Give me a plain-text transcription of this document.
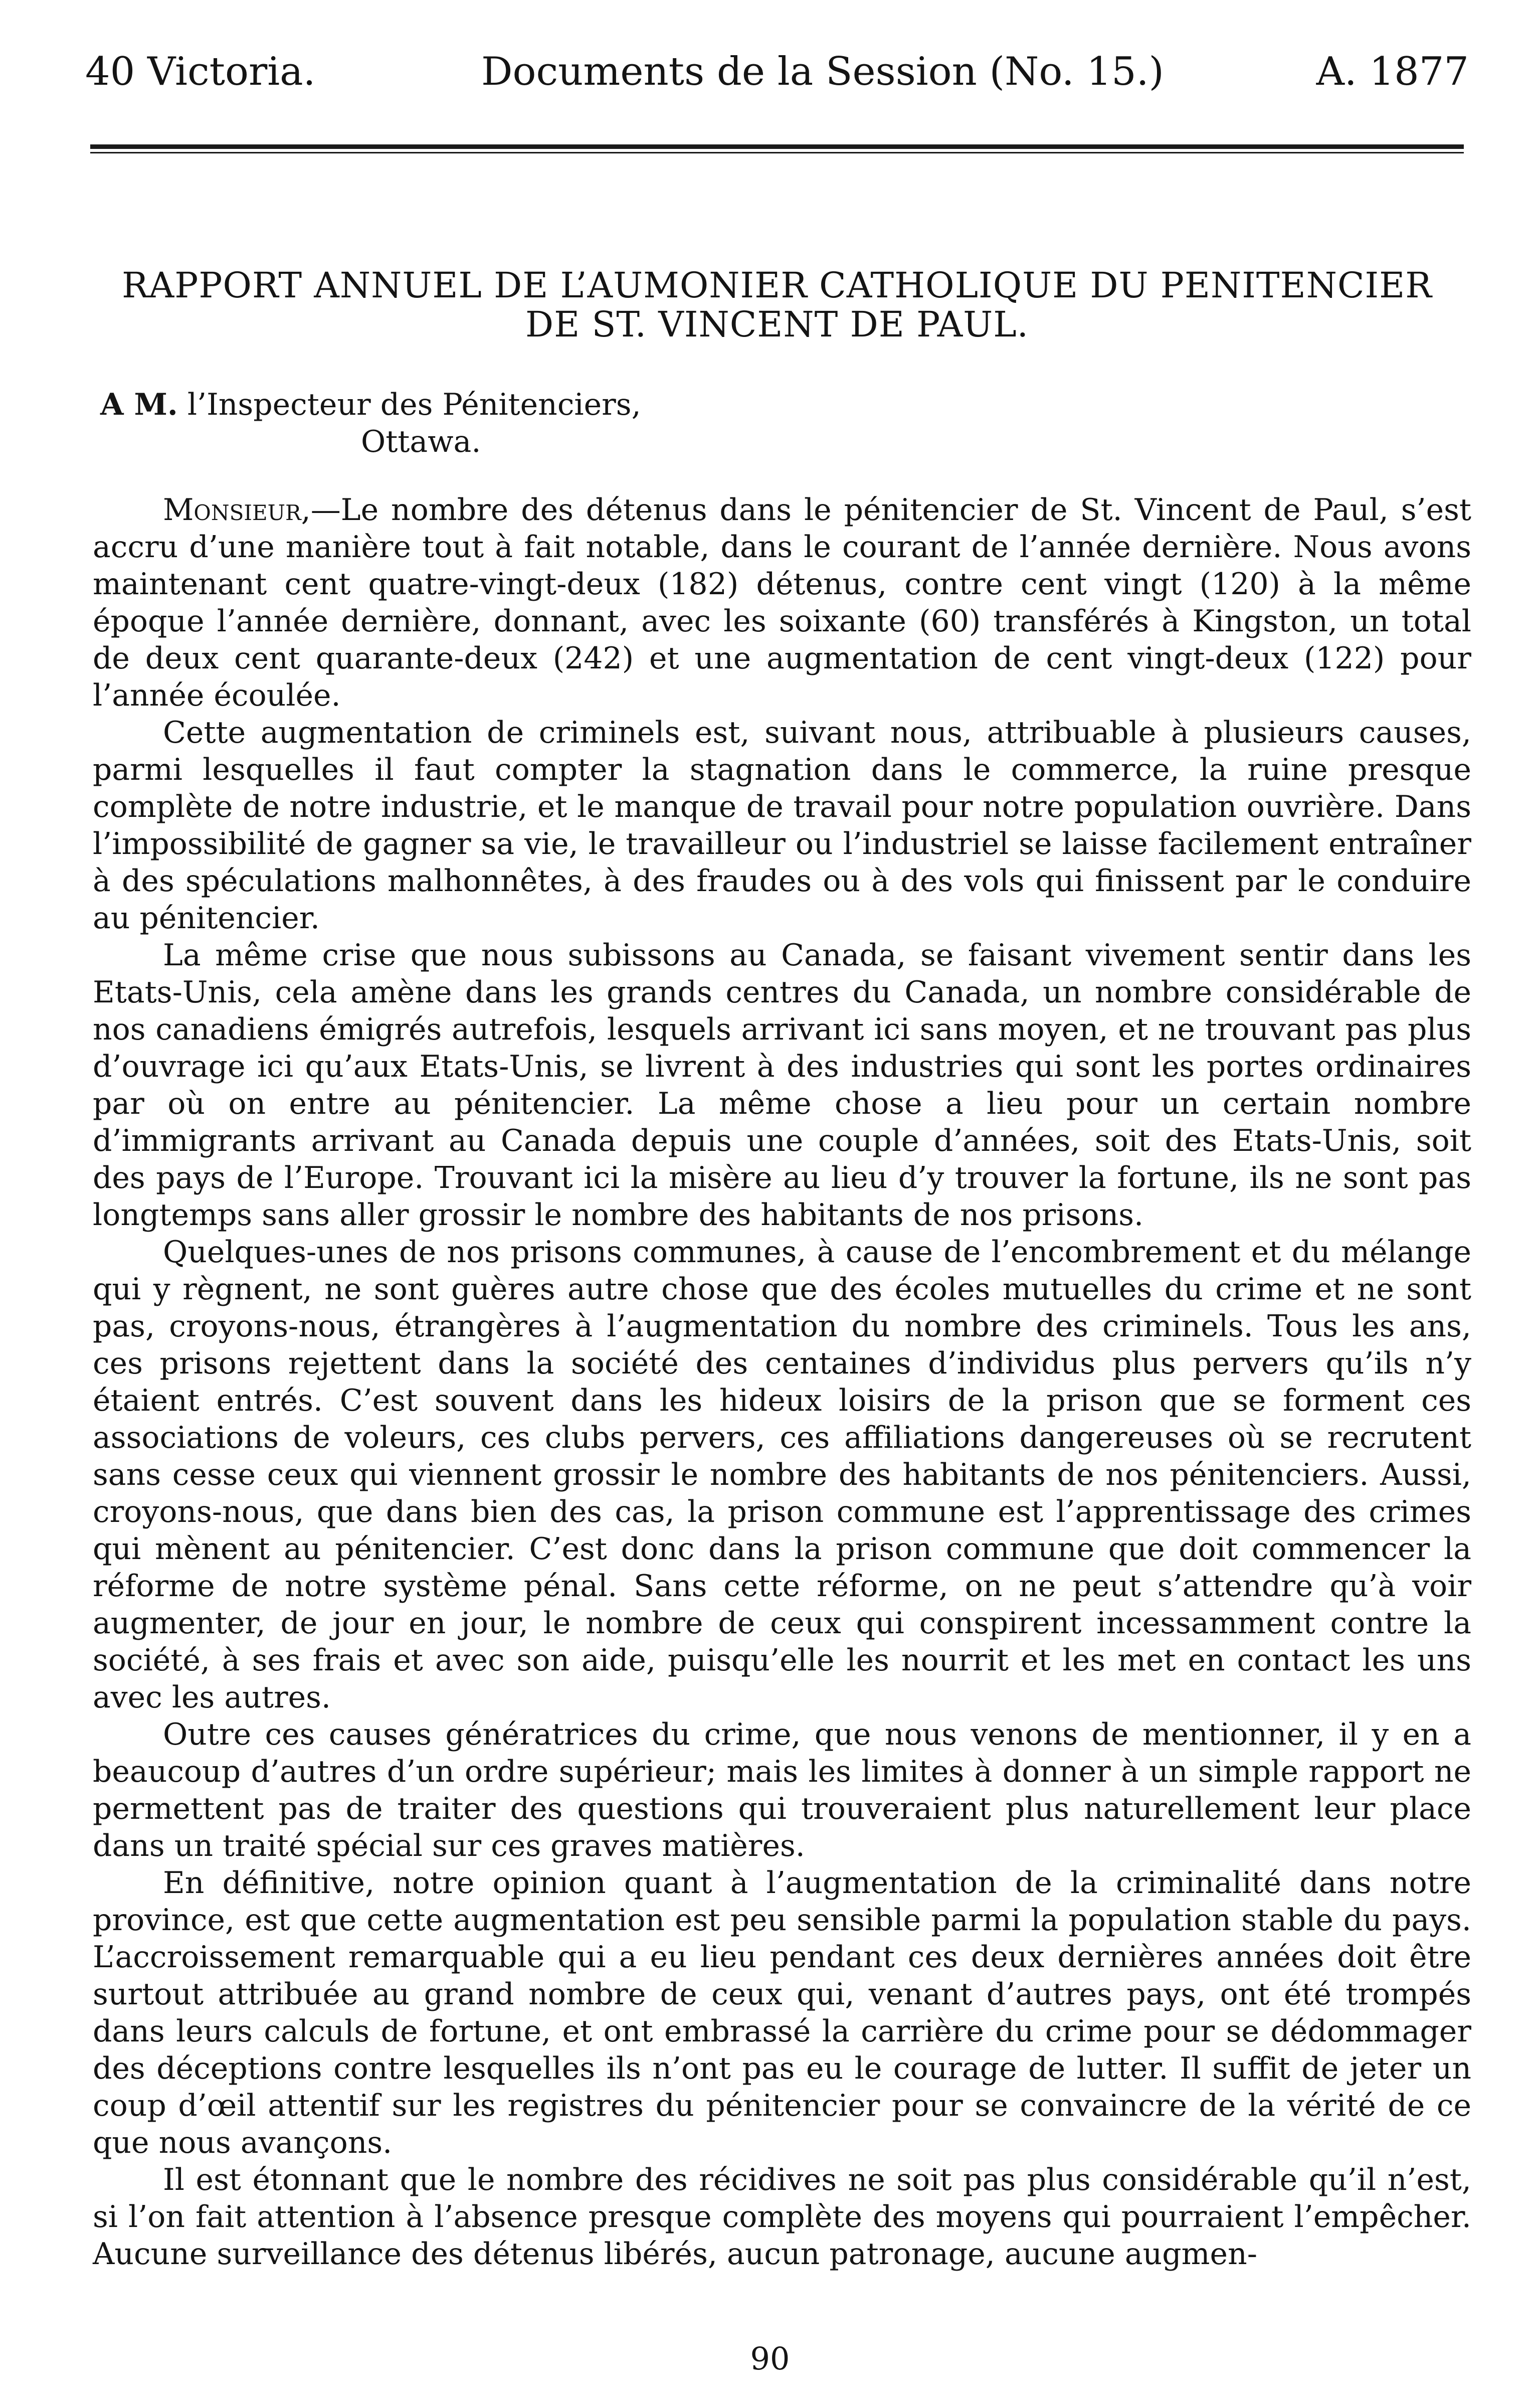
40 Victoria.	Documents de la Session (No. 15.)	A. 1877
RAPPORT ANNUEL DE L’AUMONIER CATHOLIQUE DU PENITENCIER
DE ST. VINCENT DE PAUL.
A M. l’Inspecteur des Pénitenciers,
Ottawa.

Monsieur,—Le nombre des détenus dans le pénitencier de St. Vincent de Paul, s’est accru d’une manière tout à fait notable, dans le courant de l’année dernière. Nous avons maintenant cent quatre-vingt-deux (182) détenus, contre cent vingt (120) à la même époque l’année dernière, donnant, avec les soixante (60) transférés à Kingston, un total de deux cent quarante-deux (242) et une augmentation de cent vingt-deux (122) pour l’année écoulée.

Cette augmentation de criminels est, suivant nous, attribuable à plusieurs causes, parmi lesquelles il faut compter la stagnation dans le commerce, la ruine presque complète de notre industrie, et le manque de travail pour notre population ouvrière. Dans l’impossibilité de gagner sa vie, le travailleur ou l’industriel se laisse facilement entraîner à des spéculations malhonnêtes, à des fraudes ou à des vols qui finissent par le conduire au pénitencier.

La même crise que nous subissons au Canada, se faisant vivement sentir dans les Etats-Unis, cela amène dans les grands centres du Canada, un nombre considérable de nos canadiens émigrés autrefois, lesquels arrivant ici sans moyen, et ne trouvant pas plus d’ouvrage ici qu’aux Etats-Unis, se livrent à des industries qui sont les portes ordinaires par où on entre au pénitencier. La même chose a lieu pour un certain nombre d’immigrants arrivant au Canada depuis une couple d’années, soit des Etats-Unis, soit des pays de l’Europe. Trouvant ici la misère au lieu d’y trouver la fortune, ils ne sont pas longtemps sans aller grossir le nombre des habitants de nos prisons.

Quelques-unes de nos prisons communes, à cause de l’encombrement et du mélange qui y règnent, ne sont guères autre chose que des écoles mutuelles du crime et ne sont pas, croyons-nous, étrangères à l’augmentation du nombre des criminels. Tous les ans, ces prisons rejettent dans la société des centaines d’individus plus pervers qu’ils n’y étaient entrés. C’est souvent dans les hideux loisirs de la prison que se forment ces associations de voleurs, ces clubs pervers, ces affiliations dangereuses où se recrutent sans cesse ceux qui viennent grossir le nombre des habitants de nos pénitenciers. Aussi, croyons-nous, que dans bien des cas, la prison commune est l’apprentissage des crimes qui mènent au pénitencier. C’est donc dans la prison commune que doit commencer la réforme de notre système pénal. Sans cette réforme, on ne peut s’attendre qu’à voir augmenter, de jour en jour, le nombre de ceux qui conspirent incessamment contre la société, à ses frais et avec son aide, puisqu’elle les nourrit et les met en contact les uns avec les autres.

Outre ces causes génératrices du crime, que nous venons de mentionner, il y en a beaucoup d’autres d’un ordre supérieur; mais les limites à donner à un simple rapport ne permettent pas de traiter des questions qui trouveraient plus naturellement leur place dans un traité spécial sur ces graves matières.

En définitive, notre opinion quant à l’augmentation de la criminalité dans notre province, est que cette augmentation est peu sensible parmi la population stable du pays. L’accroissement remarquable qui a eu lieu pendant ces deux dernières années doit être surtout attribuée au grand nombre de ceux qui, venant d’autres pays, ont été trompés dans leurs calculs de fortune, et ont embrassé la carrière du crime pour se dédommager des déceptions contre lesquelles ils n’ont pas eu le courage de lutter. Il suffit de jeter un coup d’œil attentif sur les registres du pénitencier pour se convaincre de la vérité de ce que nous avançons.

Il est étonnant que le nombre des récidives ne soit pas plus considérable qu’il n’est, si l’on fait attention à l’absence presque complète des moyens qui pourraient l’empêcher. Aucune surveillance des détenus libérés, aucun patronage, aucune augmen-

90
